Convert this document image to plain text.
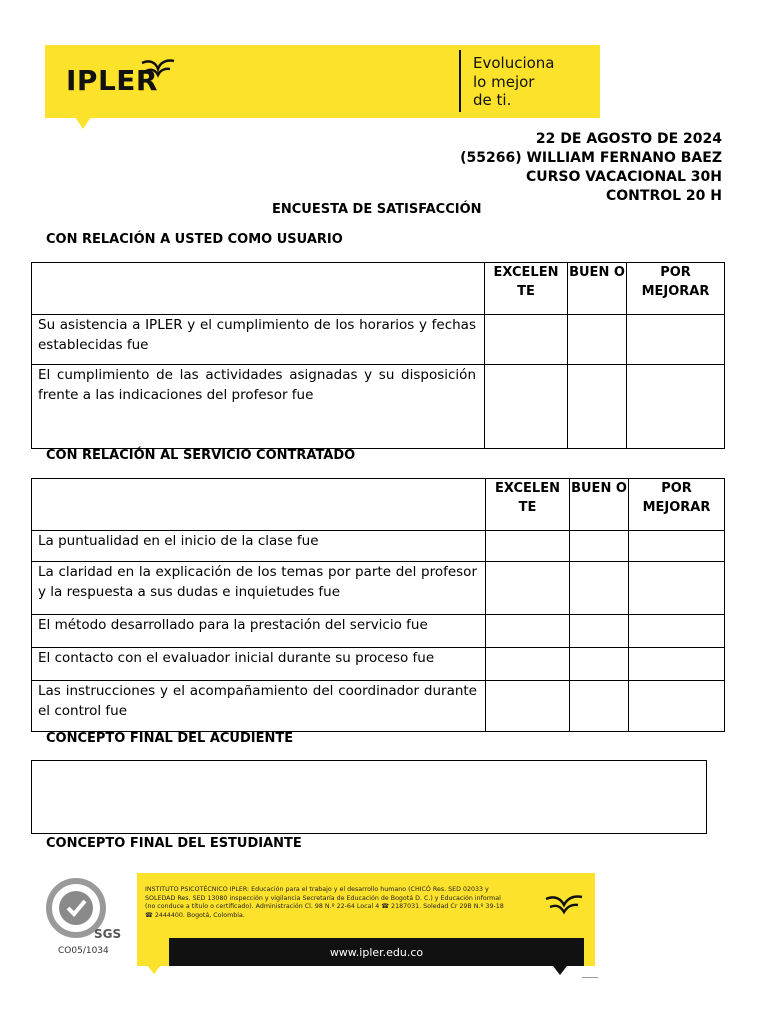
IPLER
Evoluciona
lo mejor
de ti.
22 DE AGOSTO DE 2024
(55266) WILLIAM FERNANO BAEZ
CURSO VACACIONAL 30H
CONTROL 20 H
ENCUESTA DE SATISFACCIÓN
CON RELACIÓN A USTED COMO USUARIO
	EXCELEN TE	BUEN O	POR MEJORAR
Su asistencia a IPLER y el cumplimiento de los horarios y fechas establecidas fue			
El cumplimiento de las actividades asignadas y su disposición frente a las indicaciones del profesor fue			
CON RELACIÓN AL SERVICIO CONTRATADO
	EXCELEN TE	BUEN O	POR MEJORAR
La puntualidad en el inicio de la clase fue			
La claridad en la explicación de los temas por parte del profesor y la respuesta a sus dudas e inquietudes fue			
El método desarrollado para la prestación del servicio fue			
El contacto con el evaluador inicial durante su proceso fue			
Las instrucciones y el acompañamiento del coordinador durante el control fue			
CONCEPTO FINAL DEL ACUDIENTE
CONCEPTO FINAL DEL ESTUDIANTE
SGS
CO05/1034
INSTITUTO PSICOTÉCNICO IPLER: Educación para el trabajo y el desarrollo humano (CHICÓ Res. SED 02033 y
SOLEDAD Res. SED 13080 inspección y vigilancia Secretaría de Educación de Bogotá D. C.) y Educación informal
(no conduce a título o certificado). Administración Cl. 98 N.º 22-64 Local 4 ☎ 2187031. Soledad Cr 29B N.º 39-18
☎ 2444400. Bogotá, Colombia.
www.ipler.edu.co
